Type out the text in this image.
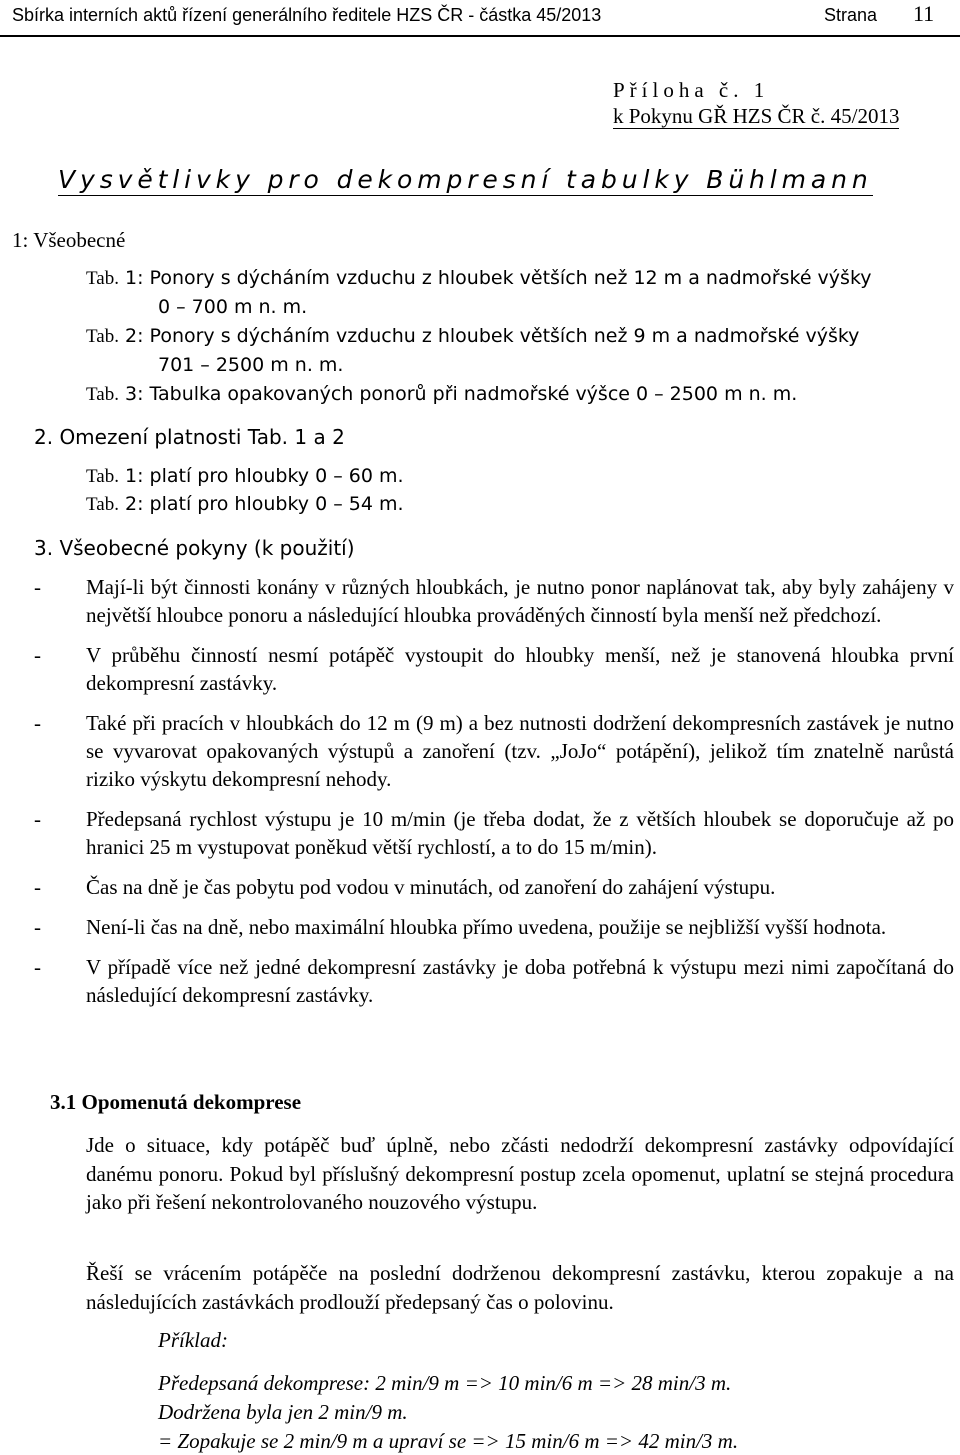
Sbírka interních aktů řízení generálního ředitele HZS ČR - částka 45/2013	Strana 11
Příloha č. 1
k Pokynu GŘ HZS ČR č. 45/2013
Vysvětlivky pro dekompresní tabulky Bühlmann
1: Všeobecné
Tab. 1: Ponory s dýcháním vzduchu z hloubek větších než 12 m a nadmořské výšky
0 – 700 m n. m.
Tab. 2: Ponory s dýcháním vzduchu z hloubek větších než 9 m a nadmořské výšky
701 – 2500 m n. m.
Tab. 3: Tabulka opakovaných ponorů při nadmořské výšce 0 – 2500 m n. m.
2. Omezení platnosti Tab. 1 a 2
Tab. 1: platí pro hloubky 0 – 60 m.
Tab. 2: platí pro hloubky 0 – 54 m.
3. Všeobecné pokyny (k použití)
- Mají-li být činnosti konány v různých hloubkách, je nutno ponor naplánovat tak, aby byly zahájeny v největší hloubce ponoru a následující hloubka prováděných činností byla menší než předchozí.
- V průběhu činností nesmí potápěč vystoupit do hloubky menší, než je stanovená hloubka první dekompresní zastávky.
- Také při pracích v hloubkách do 12 m (9 m) a bez nutnosti dodržení dekompresních zastávek je nutno se vyvarovat opakovaných výstupů a zanoření (tzv. „JoJo“ potápění), jelikož tím znatelně narůstá riziko výskytu dekompresní nehody.
- Předepsaná rychlost výstupu je 10 m/min (je třeba dodat, že z větších hloubek se doporučuje až po hranici 25 m vystupovat poněkud větší rychlostí, a to do 15 m/min).
- Čas na dně je čas pobytu pod vodou v minutách, od zanoření do zahájení výstupu.
- Není-li čas na dně, nebo maximální hloubka přímo uvedena, použije se nejbližší vyšší hodnota.
- V případě více než jedné dekompresní zastávky je doba potřebná k výstupu mezi nimi započítaná do následující dekompresní zastávky.
3.1 Opomenutá dekomprese
Jde o situace, kdy potápěč buď úplně, nebo zčásti nedodrží dekompresní zastávky odpovídající danému ponoru. Pokud byl příslušný dekompresní postup zcela opomenut, uplatní se stejná procedura jako při řešení nekontrolovaného nouzového výstupu.
Řeší se vrácením potápěče na poslední dodrženou dekompresní zastávku, kterou zopakuje a na následujících zastávkách prodlouží předepsaný čas o polovinu.
Příklad:
Předepsaná dekomprese: 2 min/9 m => 10 min/6 m => 28 min/3 m.
Dodržena byla jen 2 min/9 m.
= Zopakuje se 2 min/9 m a upraví se => 15 min/6 m => 42 min/3 m.
